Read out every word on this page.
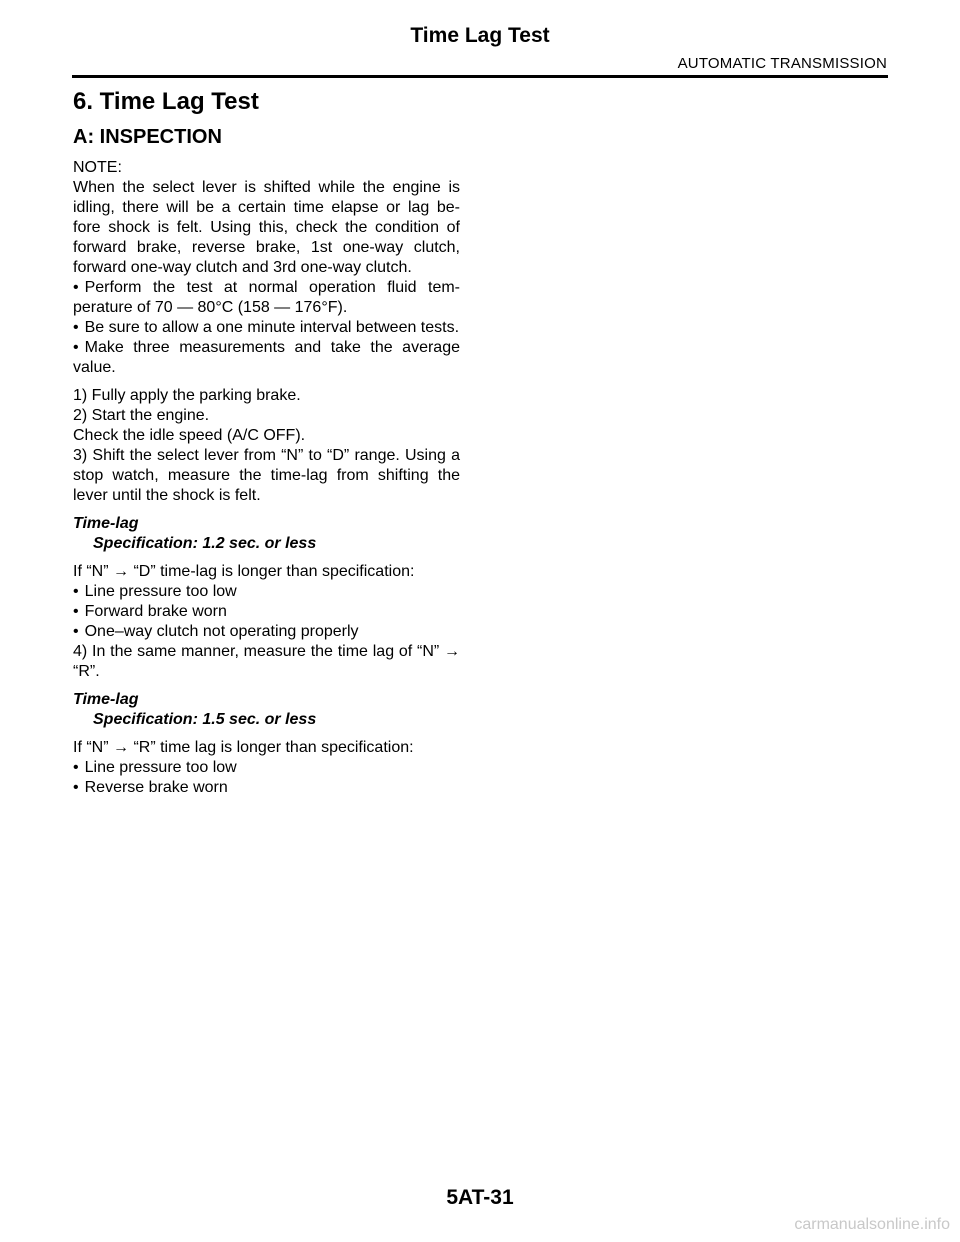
Time Lag Test
AUTOMATIC TRANSMISSION
6. Time Lag Test
A: INSPECTION

NOTE:

When the select lever is shifted while the engine is idling, there will be a certain time elapse or lag be- fore shock is felt. Using this, check the condition of forward brake, reverse brake, 1st one-way clutch, forward one-way clutch and 3rd one-way clutch.

• Perform the test at normal operation fluid tem- perature of 70 — 80°C (158 — 176°F).

• Be sure to allow a one minute interval between tests.

• Make three measurements and take the average value.

1) Fully apply the parking brake.

2) Start the engine.

Check the idle speed (A/C OFF).

3) Shift the select lever from “N” to “D” range. Using a stop watch, measure the time-lag from shifting the lever until the shock is felt.

Time-lag

Specification: 1.2 sec. or less

If “N” → “D” time-lag is longer than specification:

• Line pressure too low

• Forward brake worn

• One–way clutch not operating properly

4) In the same manner, measure the time lag of “N” → “R”.

Time-lag

Specification: 1.5 sec. or less

If “N” → “R” time lag is longer than specification:

• Line pressure too low

• Reverse brake worn

5AT-31
carmanualsonline.info
